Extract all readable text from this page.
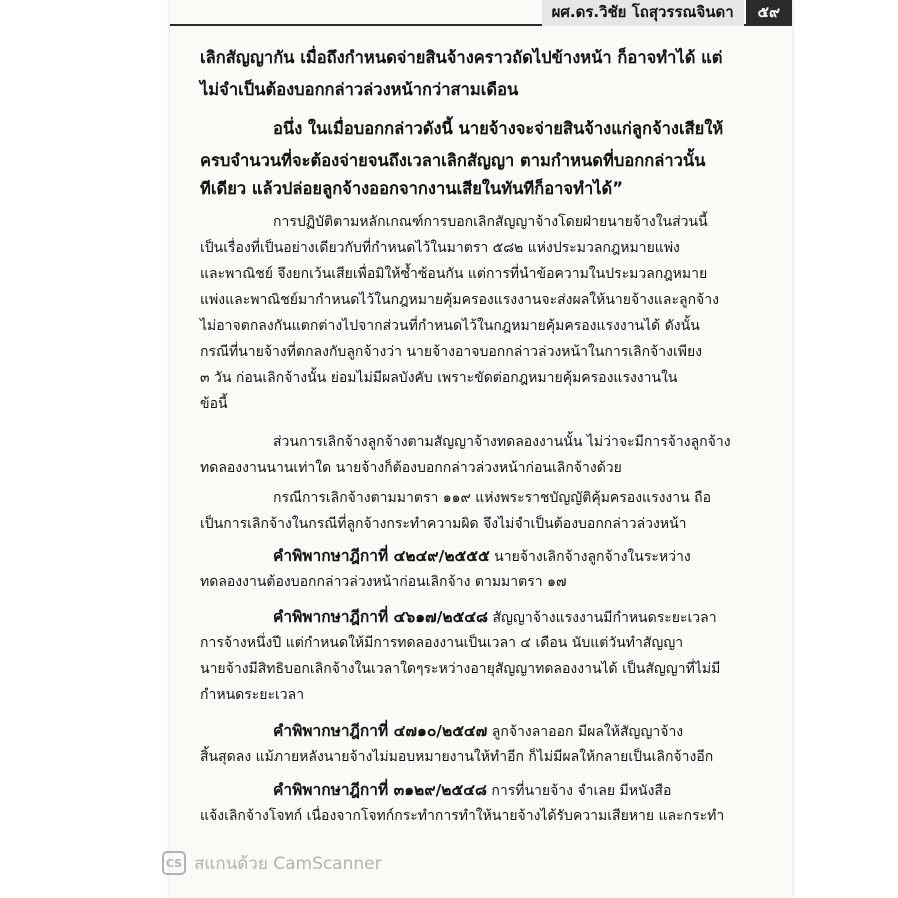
ผศ.ดร.วิชัย โถสุวรรณจินดา	๕๙
เลิกสัญญากัน เมื่อถึงกำหนดจ่ายสินจ้างคราวถัดไปข้างหน้า ก็อาจทำได้ แต่
ไม่จำเป็นต้องบอกกล่าวล่วงหน้ากว่าสามเดือน
อนึ่ง ในเมื่อบอกกล่าวดังนี้ นายจ้างจะจ่ายสินจ้างแก่ลูกจ้างเสียให้
ครบจำนวนที่จะต้องจ่ายจนถึงเวลาเลิกสัญญา ตามกำหนดที่บอกกล่าวนั้น
ทีเดียว แล้วปล่อยลูกจ้างออกจากงานเสียในทันทีก็อาจทำได้”
การปฏิบัติตามหลักเกณฑ์การบอกเลิกสัญญาจ้างโดยฝ่ายนายจ้างในส่วนนี้
เป็นเรื่องที่เป็นอย่างเดียวกับที่กำหนดไว้ในมาตรา ๕๘๒ แห่งประมวลกฎหมายแพ่ง
และพาณิชย์ จึงยกเว้นเสียเพื่อมิให้ซ้ำซ้อนกัน แต่การที่นำข้อความในประมวลกฎหมาย
แพ่งและพาณิชย์มากำหนดไว้ในกฎหมายคุ้มครองแรงงานจะส่งผลให้นายจ้างและลูกจ้าง
ไม่อาจตกลงกันแตกต่างไปจากส่วนที่กำหนดไว้ในกฎหมายคุ้มครองแรงงานได้ ดังนั้น
กรณีที่นายจ้างที่ตกลงกับลูกจ้างว่า นายจ้างอาจบอกกล่าวล่วงหน้าในการเลิกจ้างเพียง
๓ วัน ก่อนเลิกจ้างนั้น ย่อมไม่มีผลบังคับ เพราะขัดต่อกฎหมายคุ้มครองแรงงานใน
ข้อนี้
ส่วนการเลิกจ้างลูกจ้างตามสัญญาจ้างทดลองงานนั้น ไม่ว่าจะมีการจ้างลูกจ้าง
ทดลองงานนานเท่าใด นายจ้างก็ต้องบอกกล่าวล่วงหน้าก่อนเลิกจ้างด้วย
กรณีการเลิกจ้างตามมาตรา ๑๑๙ แห่งพระราชบัญญัติคุ้มครองแรงงาน ถือ
เป็นการเลิกจ้างในกรณีที่ลูกจ้างกระทำความผิด จึงไม่จำเป็นต้องบอกกล่าวล่วงหน้า
คำพิพากษาฎีกาที่ ๔๒๔๙/๒๕๕๕ นายจ้างเลิกจ้างลูกจ้างในระหว่าง
ทดลองงานต้องบอกกล่าวล่วงหน้าก่อนเลิกจ้าง ตามมาตรา ๑๗
คำพิพากษาฎีกาที่ ๔๖๑๗/๒๕๔๘ สัญญาจ้างแรงงานมีกำหนดระยะเวลา
การจ้างหนึ่งปี แต่กำหนดให้มีการทดลองงานเป็นเวลา ๔ เดือน นับแต่วันทำสัญญา
นายจ้างมีสิทธิบอกเลิกจ้างในเวลาใดๆระหว่างอายุสัญญาทดลองงานได้ เป็นสัญญาที่ไม่มี
กำหนดระยะเวลา
คำพิพากษาฎีกาที่ ๔๗๑๐/๒๕๔๗ ลูกจ้างลาออก มีผลให้สัญญาจ้าง
สิ้นสุดลง แม้ภายหลังนายจ้างไม่มอบหมายงานให้ทำอีก ก็ไม่มีผลให้กลายเป็นเลิกจ้างอีก
คำพิพากษาฎีกาที่ ๓๑๒๙/๒๕๔๘ การที่นายจ้าง จำเลย มีหนังสือ
แจ้งเลิกจ้างโจทก์ เนื่องจากโจทก์กระทำการทำให้นายจ้างได้รับความเสียหาย และกระทำ
CS สแกนด้วย CamScanner
